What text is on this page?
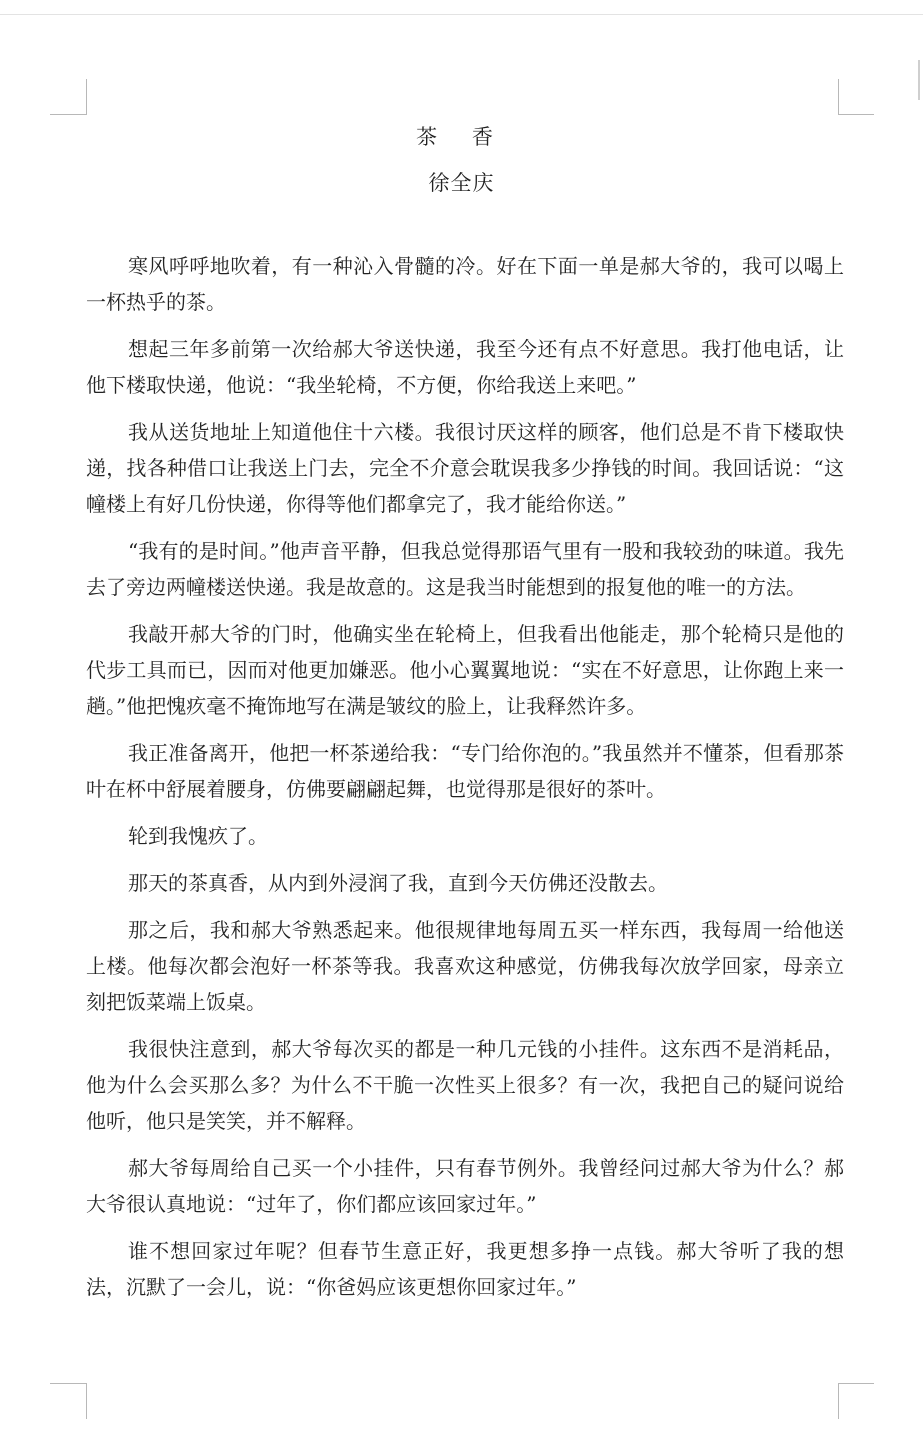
茶 香
徐全庆

寒风呼呼地吹着，有一种沁入骨髓的冷。好在下面一单是郝大爷的，我可以喝上一杯热乎的茶。

想起三年多前第一次给郝大爷送快递，我至今还有点不好意思。我打他电话，让他下楼取快递，他说：“我坐轮椅，不方便，你给我送上来吧。”

我从送货地址上知道他住十六楼。我很讨厌这样的顾客，他们总是不肯下楼取快递，找各种借口让我送上门去，完全不介意会耽误我多少挣钱的时间。我回话说：“这幢楼上有好几份快递，你得等他们都拿完了，我才能给你送。”

“我有的是时间。”他声音平静，但我总觉得那语气里有一股和我较劲的味道。我先去了旁边两幢楼送快递。我是故意的。这是我当时能想到的报复他的唯一的方法。

我敲开郝大爷的门时，他确实坐在轮椅上，但我看出他能走，那个轮椅只是他的代步工具而已，因而对他更加嫌恶。他小心翼翼地说：“实在不好意思，让你跑上来一趟。”他把愧疚毫不掩饰地写在满是皱纹的脸上，让我释然许多。

我正准备离开，他把一杯茶递给我：“专门给你泡的。”我虽然并不懂茶，但看那茶叶在杯中舒展着腰身，仿佛要翩翩起舞，也觉得那是很好的茶叶。

轮到我愧疚了。

那天的茶真香，从内到外浸润了我，直到今天仿佛还没散去。

那之后，我和郝大爷熟悉起来。他很规律地每周五买一样东西，我每周一给他送上楼。他每次都会泡好一杯茶等我。我喜欢这种感觉，仿佛我每次放学回家，母亲立刻把饭菜端上饭桌。

我很快注意到，郝大爷每次买的都是一种几元钱的小挂件。这东西不是消耗品，他为什么会买那么多？为什么不干脆一次性买上很多？有一次，我把自己的疑问说给他听，他只是笑笑，并不解释。

郝大爷每周给自己买一个小挂件，只有春节例外。我曾经问过郝大爷为什么？郝大爷很认真地说：“过年了，你们都应该回家过年。”

谁不想回家过年呢？但春节生意正好，我更想多挣一点钱。郝大爷听了我的想法，沉默了一会儿，说：“你爸妈应该更想你回家过年。”
